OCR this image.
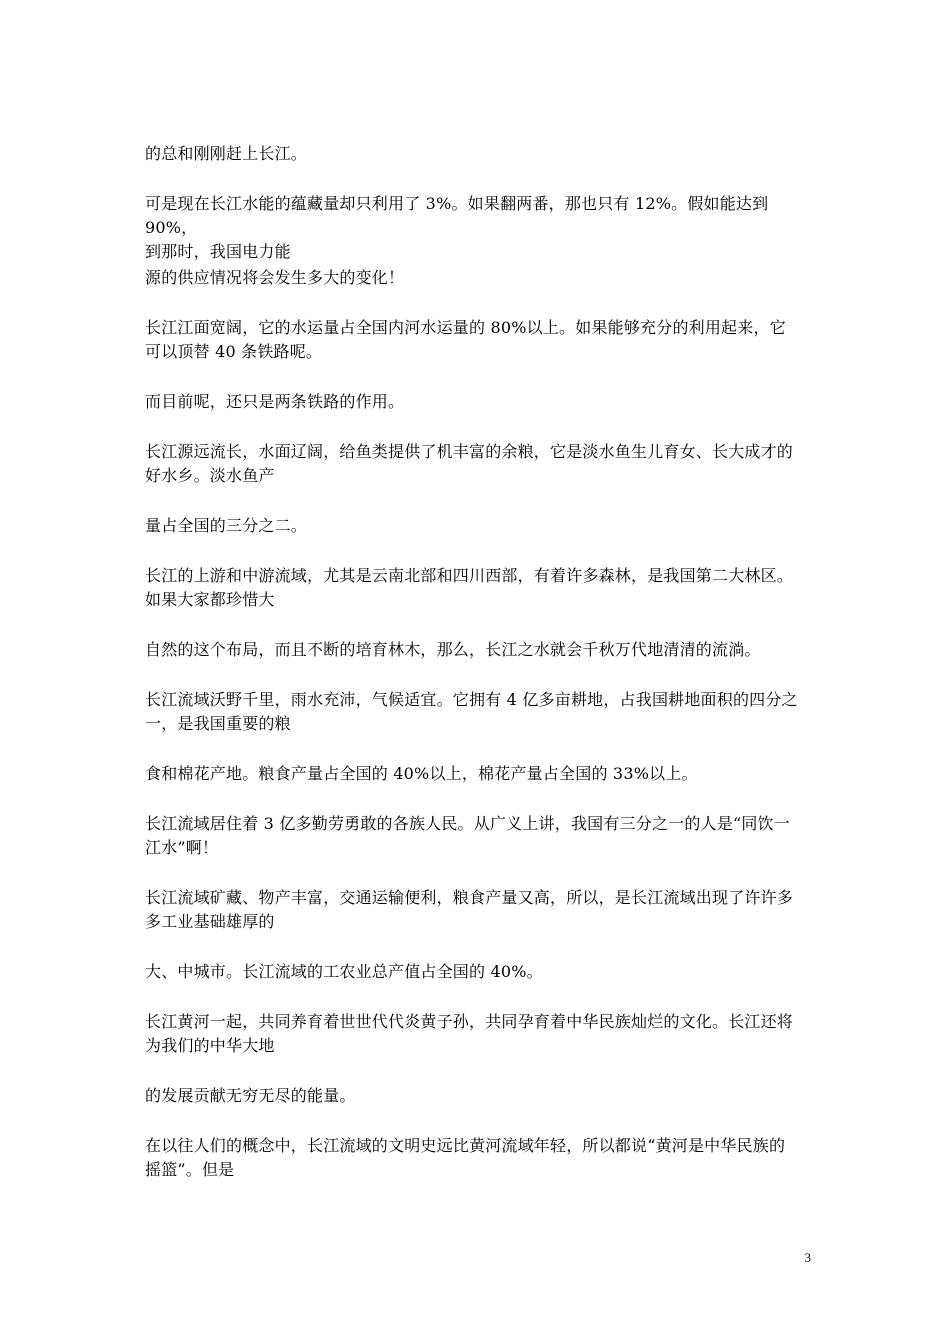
的总和刚刚赶上长江。

可是现在长江水能的蕴藏量却只利用了 3%。如果翻两番，那也只有 12%。假如能达到 90%，
到那时，我国电力能

源的供应情况将会发生多大的变化！

长江江面宽阔，它的水运量占全国内河水运量的 80%以上。如果能够充分的利用起来，它
可以顶替 40 条铁路呢。

而目前呢，还只是两条铁路的作用。

长江源远流长，水面辽阔，给鱼类提供了机丰富的余粮，它是淡水鱼生儿育女、长大成才的
好水乡。淡水鱼产

量占全国的三分之二。

长江的上游和中游流域，尤其是云南北部和四川西部，有着许多森林，是我国第二大林区。
如果大家都珍惜大

自然的这个布局，而且不断的培育林木，那么，长江之水就会千秋万代地清清的流淌。

长江流域沃野千里，雨水充沛，气候适宜。它拥有 4 亿多亩耕地，占我国耕地面积的四分之
一，是我国重要的粮

食和棉花产地。粮食产量占全国的 40%以上，棉花产量占全国的 33%以上。

长江流域居住着 3 亿多勤劳勇敢的各族人民。从广义上讲，我国有三分之一的人是“同饮一
江水”啊！

长江流域矿藏、物产丰富，交通运输便利，粮食产量又高，所以，是长江流域出现了许许多
多工业基础雄厚的

大、中城市。长江流域的工农业总产值占全国的 40%。

长江黄河一起，共同养育着世世代代炎黄子孙，共同孕育着中华民族灿烂的文化。长江还将
为我们的中华大地

的发展贡献无穷无尽的能量。

在以往人们的概念中，长江流域的文明史远比黄河流域年轻，所以都说“黄河是中华民族的
摇篮”。但是

3
